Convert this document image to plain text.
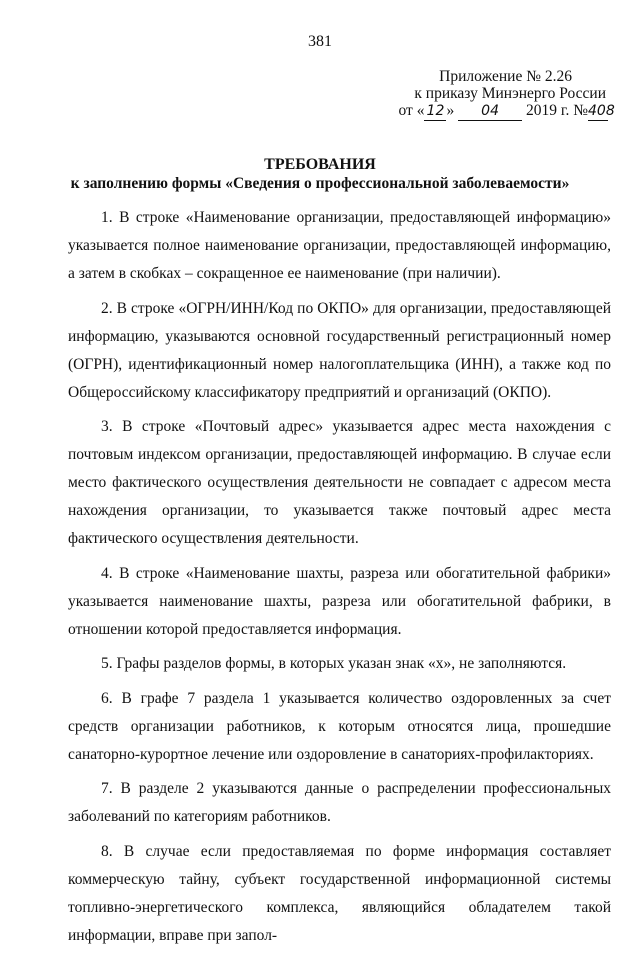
381
Приложение № 2.26
к приказу Минэнерго России
от « 12 » 04 2019 г. №408
ТРЕБОВАНИЯ
к заполнению формы «Сведения о профессиональной заболеваемости»

1. В строке «Наименование организации, предоставляющей информацию» указывается полное наименование организации, предоставляющей информацию, а затем в скобках – сокращенное ее наименование (при наличии).

2. В строке «ОГРН/ИНН/Код по ОКПО» для организации, предоставляющей информацию, указываются основной государственный регистрационный номер (ОГРН), идентификационный номер налогоплательщика (ИНН), а также код по Общероссийскому классификатору предприятий и организаций (ОКПО).

3. В строке «Почтовый адрес» указывается адрес места нахождения с почтовым индексом организации, предоставляющей информацию. В случае если место фактического осуществления деятельности не совпадает с адресом места нахождения организации, то указывается также почтовый адрес места фактического осуществления деятельности.

4. В строке «Наименование шахты, разреза или обогатительной фабрики» указывается наименование шахты, разреза или обогатительной фабрики, в отношении которой предоставляется информация.

5. Графы разделов формы, в которых указан знак «x», не заполняются.

6. В графе 7 раздела 1 указывается количество оздоровленных за счет средств организации работников, к которым относятся лица, прошедшие санаторно-курортное лечение или оздоровление в санаториях-профилакториях.

7. В разделе 2 указываются данные о распределении профессиональных заболеваний по категориям работников.

8. В случае если предоставляемая по форме информация составляет коммерческую тайну, субъект государственной информационной системы топливно-энергетического комплекса, являющийся обладателем такой информации, вправе при запол-
